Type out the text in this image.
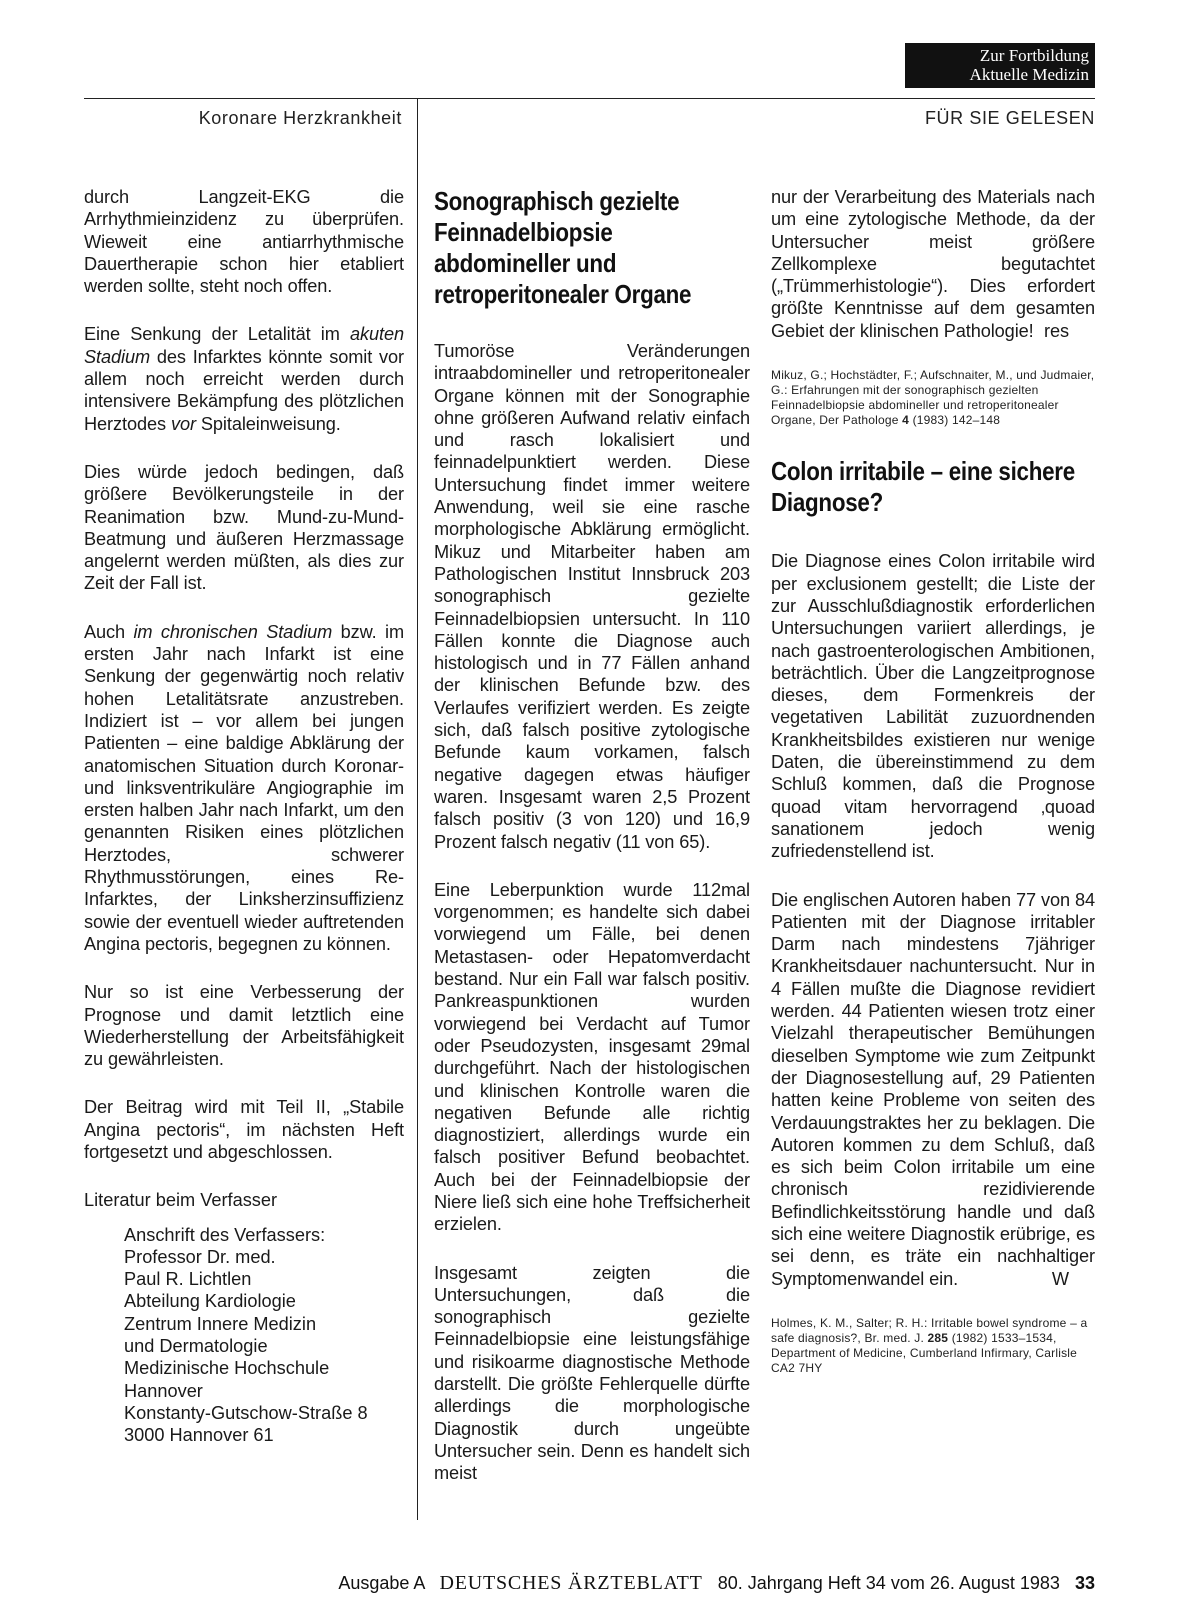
Zur Fortbildung
Aktuelle Medizin
Koronare Herzkrankheit	FÜR SIE GELESEN

durch Langzeit-EKG die Arrhythmieinzidenz zu überprüfen. Wieweit eine antiarrhythmische Dauertherapie schon hier etabliert werden sollte, steht noch offen.

Eine Senkung der Letalität im akuten Stadium des Infarktes könnte somit vor allem noch erreicht werden durch intensivere Bekämpfung des plötzlichen Herztodes vor Spitaleinweisung.

Dies würde jedoch bedingen, daß größere Bevölkerungsteile in der Reanimation bzw. Mund-zu-Mund-Beatmung und äußeren Herzmassage angelernt werden müßten, als dies zur Zeit der Fall ist.

Auch im chronischen Stadium bzw. im ersten Jahr nach Infarkt ist eine Senkung der gegenwärtig noch relativ hohen Letalitätsrate anzustreben. Indiziert ist – vor allem bei jungen Patienten – eine baldige Abklärung der anatomischen Situation durch Koronar- und linksventrikuläre Angiographie im ersten halben Jahr nach Infarkt, um den genannten Risiken eines plötzlichen Herztodes, schwerer Rhythmusstörungen, eines Re-Infarktes, der Linksherzinsuffizienz sowie der eventuell wieder auftretenden Angina pectoris, begegnen zu können.

Nur so ist eine Verbesserung der Prognose und damit letztlich eine Wiederherstellung der Arbeitsfähigkeit zu gewährleisten.

Der Beitrag wird mit Teil II, „Stabile Angina pectoris“, im nächsten Heft fortgesetzt und abgeschlossen.

Literatur beim Verfasser

Anschrift des Verfassers:
Professor Dr. med.
Paul R. Lichtlen
Abteilung Kardiologie
Zentrum Innere Medizin
und Dermatologie
Medizinische Hochschule
Hannover
Konstanty-Gutschow-Straße 8
3000 Hannover 61
Sonographisch gezielte Feinnadelbiopsie abdomineller und retroperitonealer Organe

Tumoröse Veränderungen intraabdomineller und retroperitonealer Organe können mit der Sonographie ohne größeren Aufwand relativ einfach und rasch lokalisiert und feinnadelpunktiert werden. Diese Untersuchung findet immer weitere Anwendung, weil sie eine rasche morphologische Abklärung ermöglicht. Mikuz und Mitarbeiter haben am Pathologischen Institut Innsbruck 203 sonographisch gezielte Feinnadelbiopsien untersucht. In 110 Fällen konnte die Diagnose auch histologisch und in 77 Fällen anhand der klinischen Befunde bzw. des Verlaufes verifiziert werden. Es zeigte sich, daß falsch positive zytologische Befunde kaum vorkamen, falsch negative dagegen etwas häufiger waren. Insgesamt waren 2,5 Prozent falsch positiv (3 von 120) und 16,9 Prozent falsch negativ (11 von 65).

Eine Leberpunktion wurde 112mal vorgenommen; es handelte sich dabei vorwiegend um Fälle, bei denen Metastasen- oder Hepatomverdacht bestand. Nur ein Fall war falsch positiv. Pankreaspunktionen wurden vorwiegend bei Verdacht auf Tumor oder Pseudozysten, insgesamt 29mal durchgeführt. Nach der histologischen und klinischen Kontrolle waren die negativen Befunde alle richtig diagnostiziert, allerdings wurde ein falsch positiver Befund beobachtet. Auch bei der Feinnadelbiopsie der Niere ließ sich eine hohe Treffsicherheit erzielen.

Insgesamt zeigten die Untersuchungen, daß die sonographisch gezielte Feinnadelbiopsie eine leistungsfähige und risikoarme diagnostische Methode darstellt. Die größte Fehlerquelle dürfte allerdings die morphologische Diagnostik durch ungeübte Untersucher sein. Denn es handelt sich meist

nur der Verarbeitung des Materials nach um eine zytologische Methode, da der Untersucher meist größere Zellkomplexe begutachtet („Trümmerhistologie“). Dies erfordert größte Kenntnisse auf dem gesamten Gebiet der klinischen Pathologie! res

Mikuz, G.; Hochstädter, F.; Aufschnaiter, M., und Judmaier, G.: Erfahrungen mit der sonographisch gezielten Feinnadelbiopsie abdomineller und retroperitonealer Organe, Der Pathologe 4 (1983) 142–148

Colon irritabile – eine sichere Diagnose?

Die Diagnose eines Colon irritabile wird per exclusionem gestellt; die Liste der zur Ausschlußdiagnostik erforderlichen Untersuchungen variiert allerdings, je nach gastroenterologischen Ambitionen, beträchtlich. Über die Langzeitprognose dieses, dem Formenkreis der vegetativen Labilität zuzuordnenden Krankheitsbildes existieren nur wenige Daten, die übereinstimmend zu dem Schluß kommen, daß die Prognose quoad vitam hervorragend ‚quoad sanationem jedoch wenig zufriedenstellend ist.

Die englischen Autoren haben 77 von 84 Patienten mit der Diagnose irritabler Darm nach mindestens 7jähriger Krankheitsdauer nachuntersucht. Nur in 4 Fällen mußte die Diagnose revidiert werden. 44 Patienten wiesen trotz einer Vielzahl therapeutischer Bemühungen dieselben Symptome wie zum Zeitpunkt der Diagnosestellung auf, 29 Patienten hatten keine Probleme von seiten des Verdauungstraktes her zu beklagen. Die Autoren kommen zu dem Schluß, daß es sich beim Colon irritabile um eine chronisch rezidivierende Befindlichkeitsstörung handle und daß sich eine weitere Diagnostik erübrige, es sei denn, es träte ein nachhaltiger Symptomenwandel ein.	W

Holmes, K. M., Salter; R. H.: Irritable bowel syndrome – a safe diagnosis?, Br. med. J. 285 (1982) 1533–1534, Department of Medicine, Cumberland Infirmary, Carlisle CA2 7HY

Ausgabe A DEUTSCHES ÄRZTEBLATT 80. Jahrgang Heft 34 vom 26. August 1983 33
